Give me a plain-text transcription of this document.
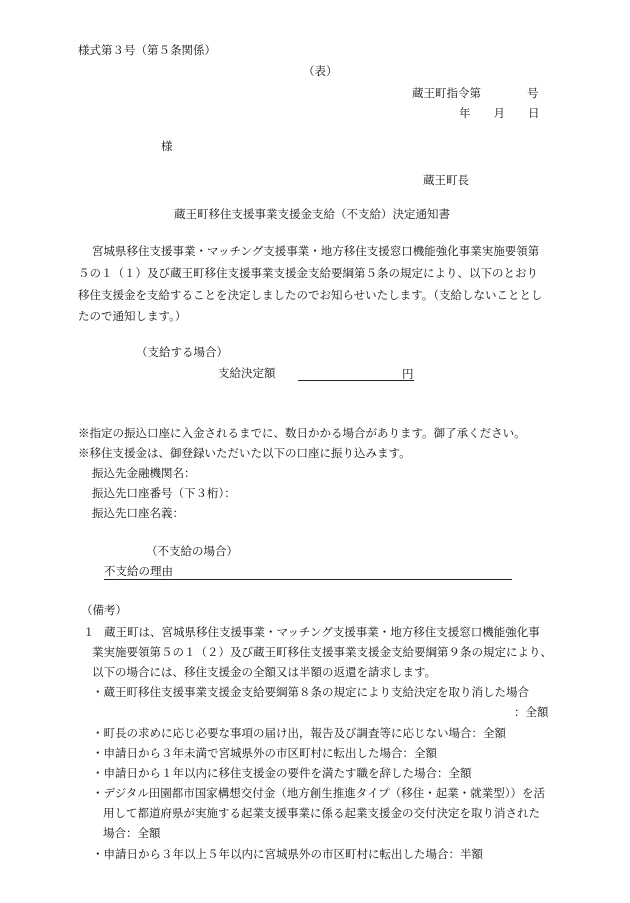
様式第３号（第５条関係）
（表）
蔵王町指令第　　　　号
年　　月　　日
様
蔵王町長
蔵王町移住支援事業支援金支給（不支給）決定通知書
宮城県移住支援事業・マッチング支援事業・地方移住支援窓口機能強化事業実施要領第
５の１（１）及び蔵王町移住支援事業支援金支給要綱第５条の規定により、以下のとおり
移住支援金を支給することを決定しましたのでお知らせいたします。（支給しないこととし
たので通知します。）
（支給する場合）
支給決定額	円
※指定の振込口座に入金されるまでに、数日かかる場合があります。御了承ください。
※移住支援金は、御登録いただいた以下の口座に振り込みます。
振込先金融機関名：
振込先口座番号（下３桁）：
振込先口座名義：
（不支給の場合）
不支給の理由
（備考）
１ 蔵王町は、宮城県移住支援事業・マッチング支援事業・地方移住支援窓口機能強化事
業実施要領第５の１（２）及び蔵王町移住支援事業支援金支給要綱第９条の規定により、
以下の場合には、移住支援金の全額又は半額の返還を請求します。
・蔵王町移住支援事業支援金支給要綱第８条の規定により支給決定を取り消した場合
：全額
・町長の求めに応じ必要な事項の届け出，報告及び調査等に応じない場合：全額
・申請日から３年未満で宮城県外の市区町村に転出した場合：全額
・申請日から１年以内に移住支援金の要件を満たす職を辞した場合：全額
・デジタル田園都市国家構想交付金（地方創生推進タイプ（移住・起業・就業型））を活
用して都道府県が実施する起業支援事業に係る起業支援金の交付決定を取り消された
場合：全額
・申請日から３年以上５年以内に宮城県外の市区町村に転出した場合：半額
